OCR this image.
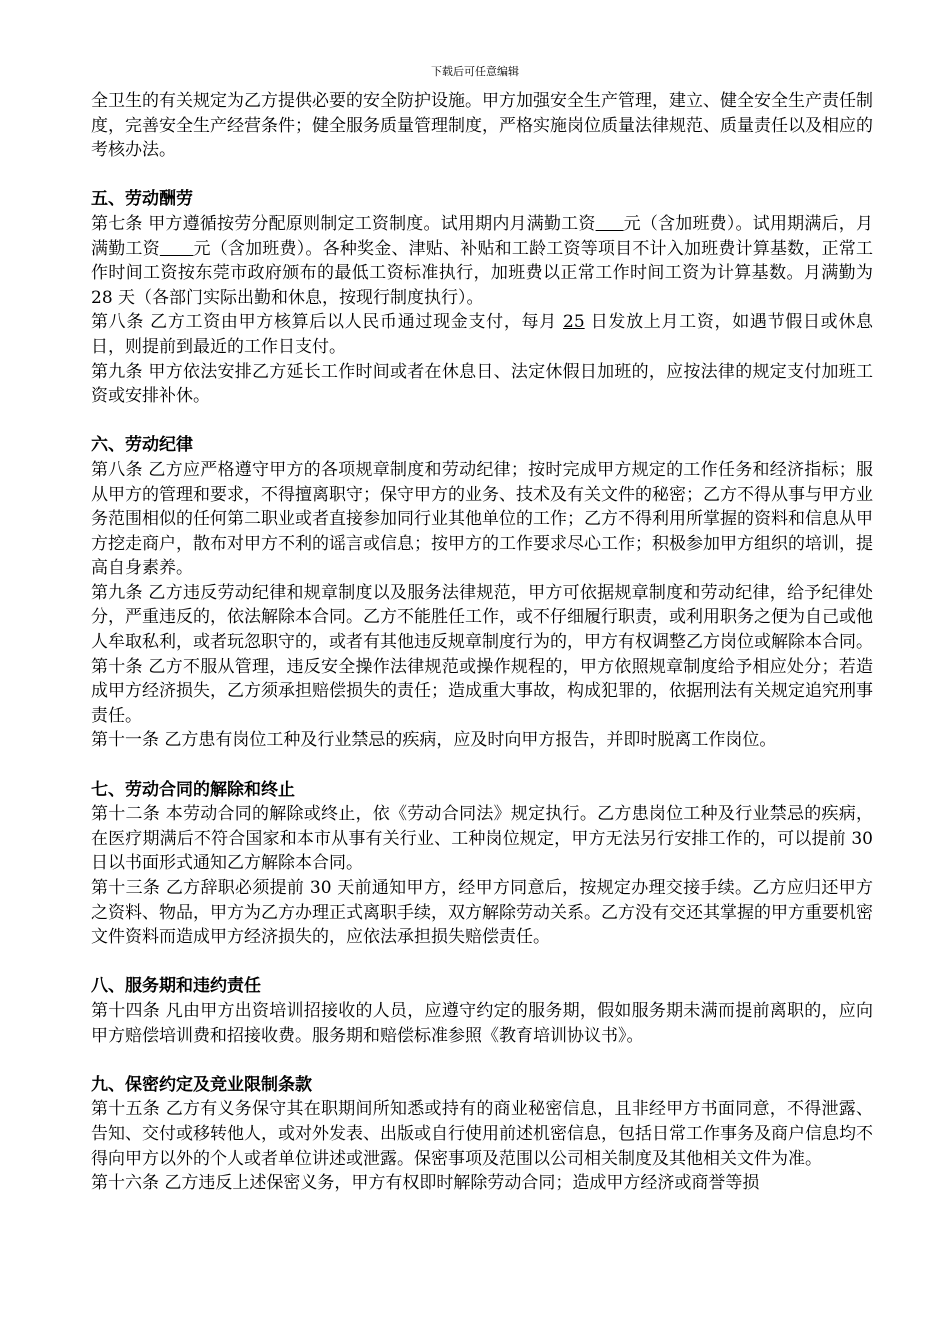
下载后可任意编辑

全卫生的有关规定为乙方提供必要的安全防护设施。甲方加强安全生产管理，建立、健全安全生产责任制度，完善安全生产经营条件；健全服务质量管理制度，严格实施岗位质量法律规范、质量责任以及相应的考核办法。

五、劳动酬劳

第七条 甲方遵循按劳分配原则制定工资制度。试用期内月满勤工资 元（含加班费）。试用期满后，月满勤工资 元（含加班费）。各种奖金、津贴、补贴和工龄工资等项目不计入加班费计算基数，正常工作时间工资按东莞市政府颁布的最低工资标准执行，加班费以正常工作时间工资为计算基数。月满勤为 28 天（各部门实际出勤和休息，按现行制度执行）。

第八条 乙方工资由甲方核算后以人民币通过现金支付，每月 25 日发放上月工资，如遇节假日或休息日，则提前到最近的工作日支付。

第九条 甲方依法安排乙方延长工作时间或者在休息日、法定休假日加班的，应按法律的规定支付加班工资或安排补休。

六、劳动纪律

第八条 乙方应严格遵守甲方的各项规章制度和劳动纪律；按时完成甲方规定的工作任务和经济指标；服从甲方的管理和要求，不得擅离职守；保守甲方的业务、技术及有关文件的秘密；乙方不得从事与甲方业务范围相似的任何第二职业或者直接参加同行业其他单位的工作；乙方不得利用所掌握的资料和信息从甲方挖走商户，散布对甲方不利的谣言或信息；按甲方的工作要求尽心工作；积极参加甲方组织的培训，提高自身素养。

第九条 乙方违反劳动纪律和规章制度以及服务法律规范，甲方可依据规章制度和劳动纪律，给予纪律处分，严重违反的，依法解除本合同。乙方不能胜任工作，或不仔细履行职责，或利用职务之便为自己或他人牟取私利，或者玩忽职守的，或者有其他违反规章制度行为的，甲方有权调整乙方岗位或解除本合同。

第十条 乙方不服从管理，违反安全操作法律规范或操作规程的，甲方依照规章制度给予相应处分；若造成甲方经济损失，乙方须承担赔偿损失的责任；造成重大事故，构成犯罪的，依据刑法有关规定追究刑事责任。

第十一条 乙方患有岗位工种及行业禁忌的疾病，应及时向甲方报告，并即时脱离工作岗位。

七、劳动合同的解除和终止

第十二条 本劳动合同的解除或终止，依《劳动合同法》规定执行。乙方患岗位工种及行业禁忌的疾病，在医疗期满后不符合国家和本市从事有关行业、工种岗位规定，甲方无法另行安排工作的，可以提前 30 日以书面形式通知乙方解除本合同。

第十三条 乙方辞职必须提前 30 天前通知甲方，经甲方同意后，按规定办理交接手续。乙方应归还甲方之资料、物品，甲方为乙方办理正式离职手续，双方解除劳动关系。乙方没有交还其掌握的甲方重要机密文件资料而造成甲方经济损失的，应依法承担损失赔偿责任。

八、服务期和违约责任

第十四条 凡由甲方出资培训招接收的人员，应遵守约定的服务期，假如服务期未满而提前离职的，应向甲方赔偿培训费和招接收费。服务期和赔偿标准参照《教育培训协议书》。

九、保密约定及竞业限制条款

第十五条 乙方有义务保守其在职期间所知悉或持有的商业秘密信息，且非经甲方书面同意，不得泄露、告知、交付或移转他人，或对外发表、出版或自行使用前述机密信息，包括日常工作事务及商户信息均不得向甲方以外的个人或者单位讲述或泄露。保密事项及范围以公司相关制度及其他相关文件为准。

第十六条 乙方违反上述保密义务，甲方有权即时解除劳动合同；造成甲方经济或商誉等损
